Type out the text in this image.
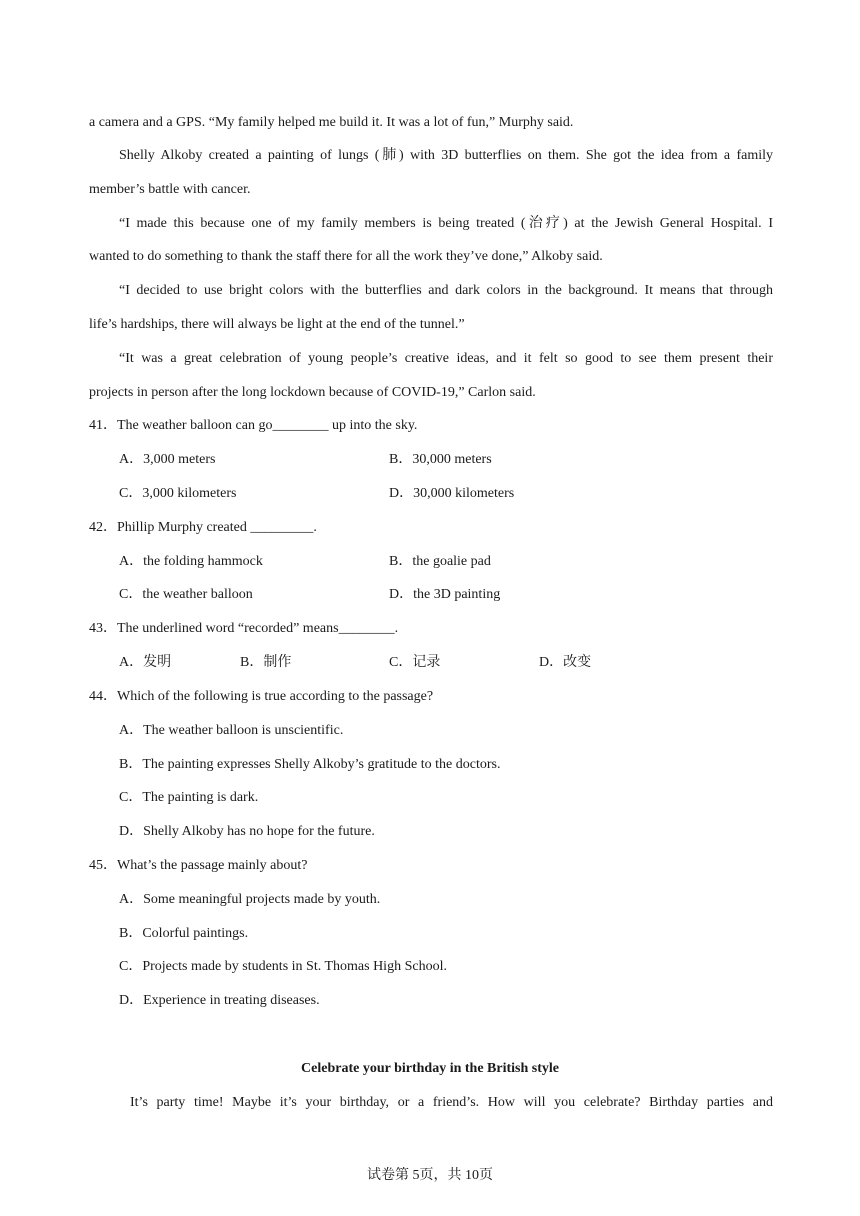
a camera and a GPS. “My family helped me build it. It was a lot of fun,” Murphy said.
Shelly Alkoby created a painting of lungs (肺) with 3D butterflies on them. She got the idea from a family
member’s battle with cancer.
“I made this because one of my family members is being treated (治疗) at the Jewish General Hospital. I
wanted to do something to thank the staff there for all the work they’ve done,” Alkoby said.
“I decided to use bright colors with the butterflies and dark colors in the background. It means that through
life’s hardships, there will always be light at the end of the tunnel.”
“It was a great celebration of young people’s creative ideas, and it felt so good to see them present their
projects in person after the long lockdown because of COVID-19,” Carlon said.
41．The weather balloon can go________ up into the sky.
A．3,000 meters	B．30,000 meters
C．3,000 kilometers	D．30,000 kilometers
42．Phillip Murphy created _________.
A．the folding hammock	B．the goalie pad
C．the weather balloon	D．the 3D painting
43．The underlined word “recorded” means________.
A．发明	B．制作	C．记录	D．改变
44．Which of the following is true according to the passage?
A．The weather balloon is unscientific.
B．The painting expresses Shelly Alkoby’s gratitude to the doctors.
C．The painting is dark.
D．Shelly Alkoby has no hope for the future.
45．What’s the passage mainly about?
A．Some meaningful projects made by youth.
B．Colorful paintings.
C．Projects made by students in St. Thomas High School.
D．Experience in treating diseases.
Celebrate your birthday in the British style
It’s party time! Maybe it’s your birthday, or a friend’s. How will you celebrate? Birthday parties and
试卷第 5页，共 10页
